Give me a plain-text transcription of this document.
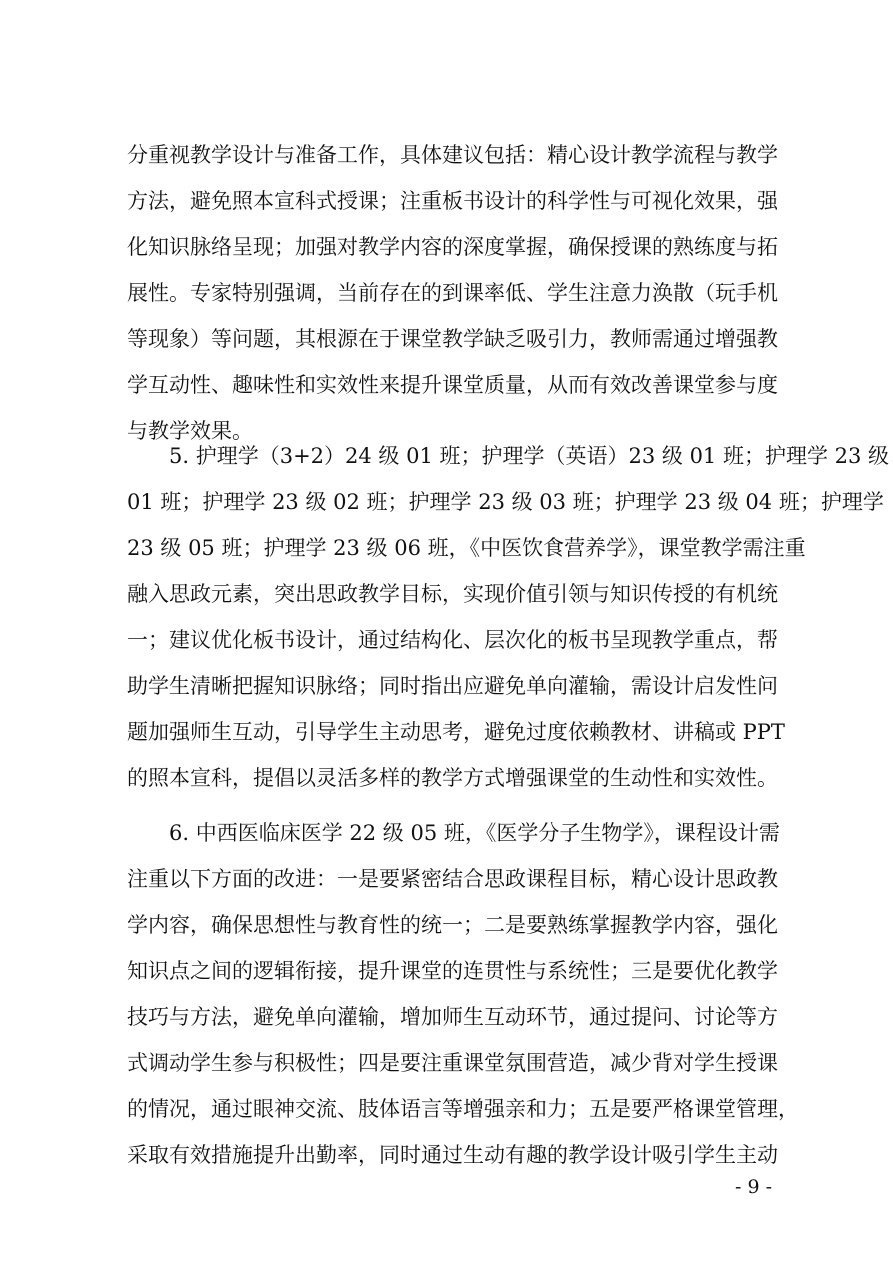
分重视教学设计与准备工作，具体建议包括：精心设计教学流程与教学
方法，避免照本宣科式授课；注重板书设计的科学性与可视化效果，强
化知识脉络呈现；加强对教学内容的深度掌握，确保授课的熟练度与拓
展性。专家特别强调，当前存在的到课率低、学生注意力涣散（玩手机
等现象）等问题，其根源在于课堂教学缺乏吸引力，教师需通过增强教
学互动性、趣味性和实效性来提升课堂质量，从而有效改善课堂参与度
与教学效果。
5. 护理学（3+2）24 级 01 班；护理学（英语）23 级 01 班；护理学 23 级
01 班；护理学 23 级 02 班；护理学 23 级 03 班；护理学 23 级 04 班；护理学
23 级 05 班；护理学 23 级 06 班，《中医饮食营养学》，课堂教学需注重
融入思政元素，突出思政教学目标，实现价值引领与知识传授的有机统
一；建议优化板书设计，通过结构化、层次化的板书呈现教学重点，帮
助学生清晰把握知识脉络；同时指出应避免单向灌输，需设计启发性问
题加强师生互动，引导学生主动思考，避免过度依赖教材、讲稿或 PPT
的照本宣科，提倡以灵活多样的教学方式增强课堂的生动性和实效性。
6. 中西医临床医学 22 级 05 班，《医学分子生物学》，课程设计需
注重以下方面的改进：一是要紧密结合思政课程目标，精心设计思政教
学内容，确保思想性与教育性的统一；二是要熟练掌握教学内容，强化
知识点之间的逻辑衔接，提升课堂的连贯性与系统性；三是要优化教学
技巧与方法，避免单向灌输，增加师生互动环节，通过提问、讨论等方
式调动学生参与积极性；四是要注重课堂氛围营造，减少背对学生授课
的情况，通过眼神交流、肢体语言等增强亲和力；五是要严格课堂管理，
采取有效措施提升出勤率，同时通过生动有趣的教学设计吸引学生主动
- 9 -
